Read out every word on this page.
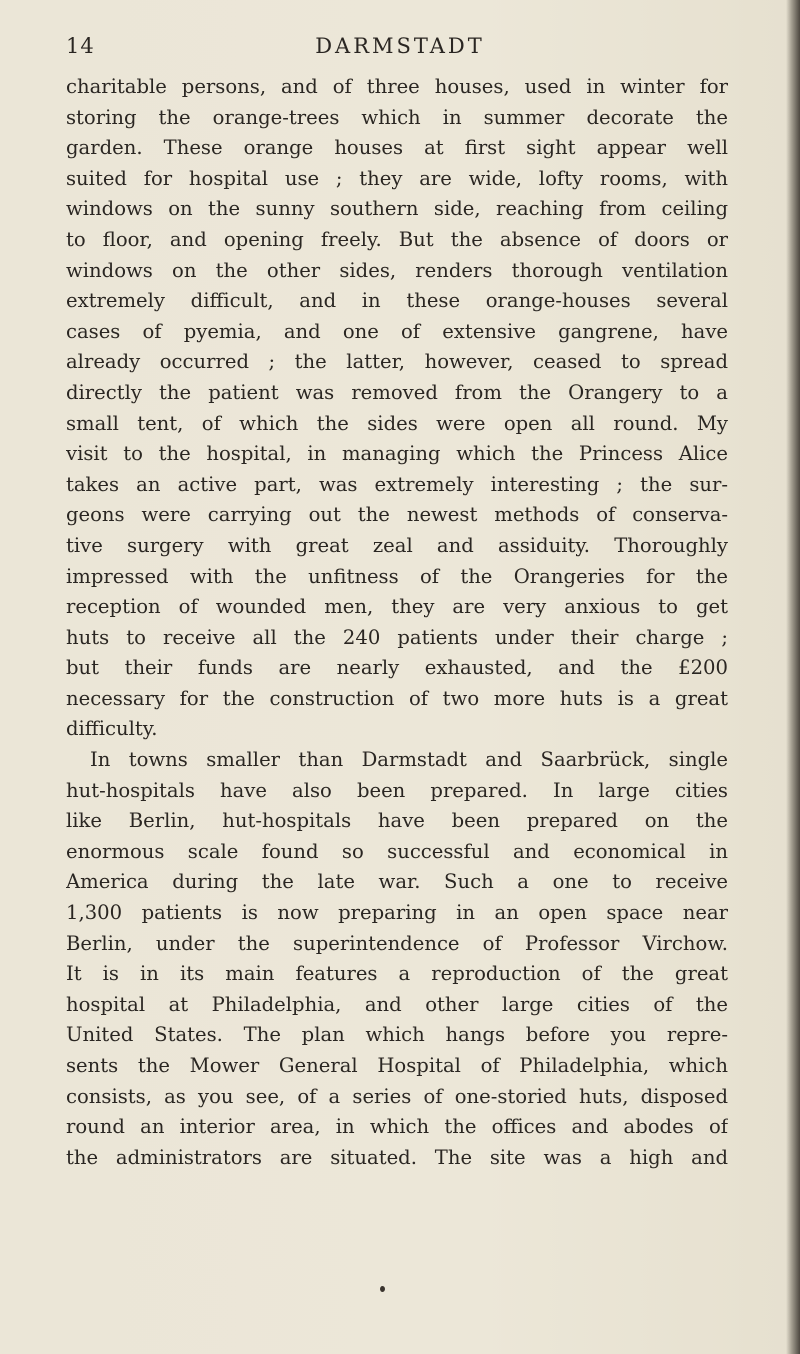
14	DARMSTADT
charitable persons, and of three houses, used in winter for
storing the orange-trees which in summer decorate the
garden. These orange houses at first sight appear well
suited for hospital use ; they are wide, lofty rooms, with
windows on the sunny southern side, reaching from ceiling
to floor, and opening freely. But the absence of doors or
windows on the other sides, renders thorough ventilation
extremely difficult, and in these orange-houses several
cases of pyemia, and one of extensive gangrene, have
already occurred ; the latter, however, ceased to spread
directly the patient was removed from the Orangery to a
small tent, of which the sides were open all round. My
visit to the hospital, in managing which the Princess Alice
takes an active part, was extremely interesting ; the sur-
geons were carrying out the newest methods of conserva-
tive surgery with great zeal and assiduity. Thoroughly
impressed with the unfitness of the Orangeries for the
reception of wounded men, they are very anxious to get
huts to receive all the 240 patients under their charge ;
but their funds are nearly exhausted, and the £200
necessary for the construction of two more huts is a great
difficulty.
In towns smaller than Darmstadt and Saarbrück, single
hut-hospitals have also been prepared. In large cities
like Berlin, hut-hospitals have been prepared on the
enormous scale found so successful and economical in
America during the late war. Such a one to receive
1,300 patients is now preparing in an open space near
Berlin, under the superintendence of Professor Virchow.
It is in its main features a reproduction of the great
hospital at Philadelphia, and other large cities of the
United States. The plan which hangs before you repre-
sents the Mower General Hospital of Philadelphia, which
consists, as you see, of a series of one-storied huts, disposed
round an interior area, in which the offices and abodes of
the administrators are situated. The site was a high and
